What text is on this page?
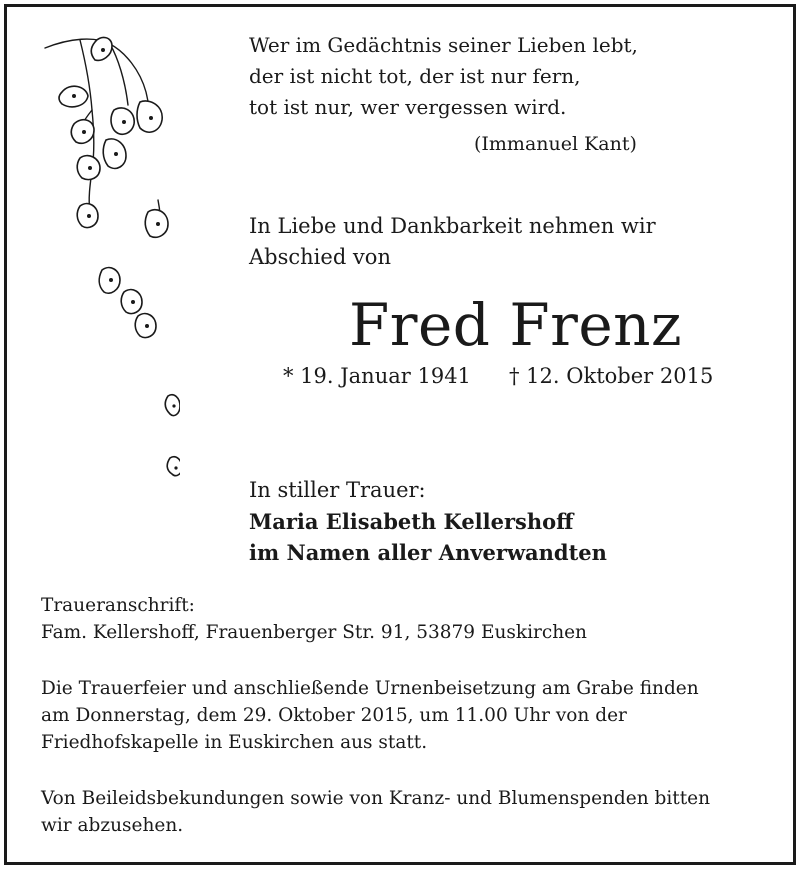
Wer im Gedächtnis seiner Lieben lebt,
der ist nicht tot, der ist nur fern,
tot ist nur, wer vergessen wird.
(Immanuel Kant)
In Liebe und Dankbarkeit nehmen wir
Abschied von
Fred Frenz
* 19. Januar 1941 † 12. Oktober 2015
In stiller Trauer:
Maria Elisabeth Kellershoff
im Namen aller Anverwandten
Traueranschrift:
Fam. Kellershoff, Frauenberger Str. 91, 53879 Euskirchen
Die Trauerfeier und anschließende Urnenbeisetzung am Grabe finden
am Donnerstag, dem 29. Oktober 2015, um 11.00 Uhr von der
Friedhofskapelle in Euskirchen aus statt.
Von Beileidsbekundungen sowie von Kranz- und Blumenspenden bitten
wir abzusehen.
